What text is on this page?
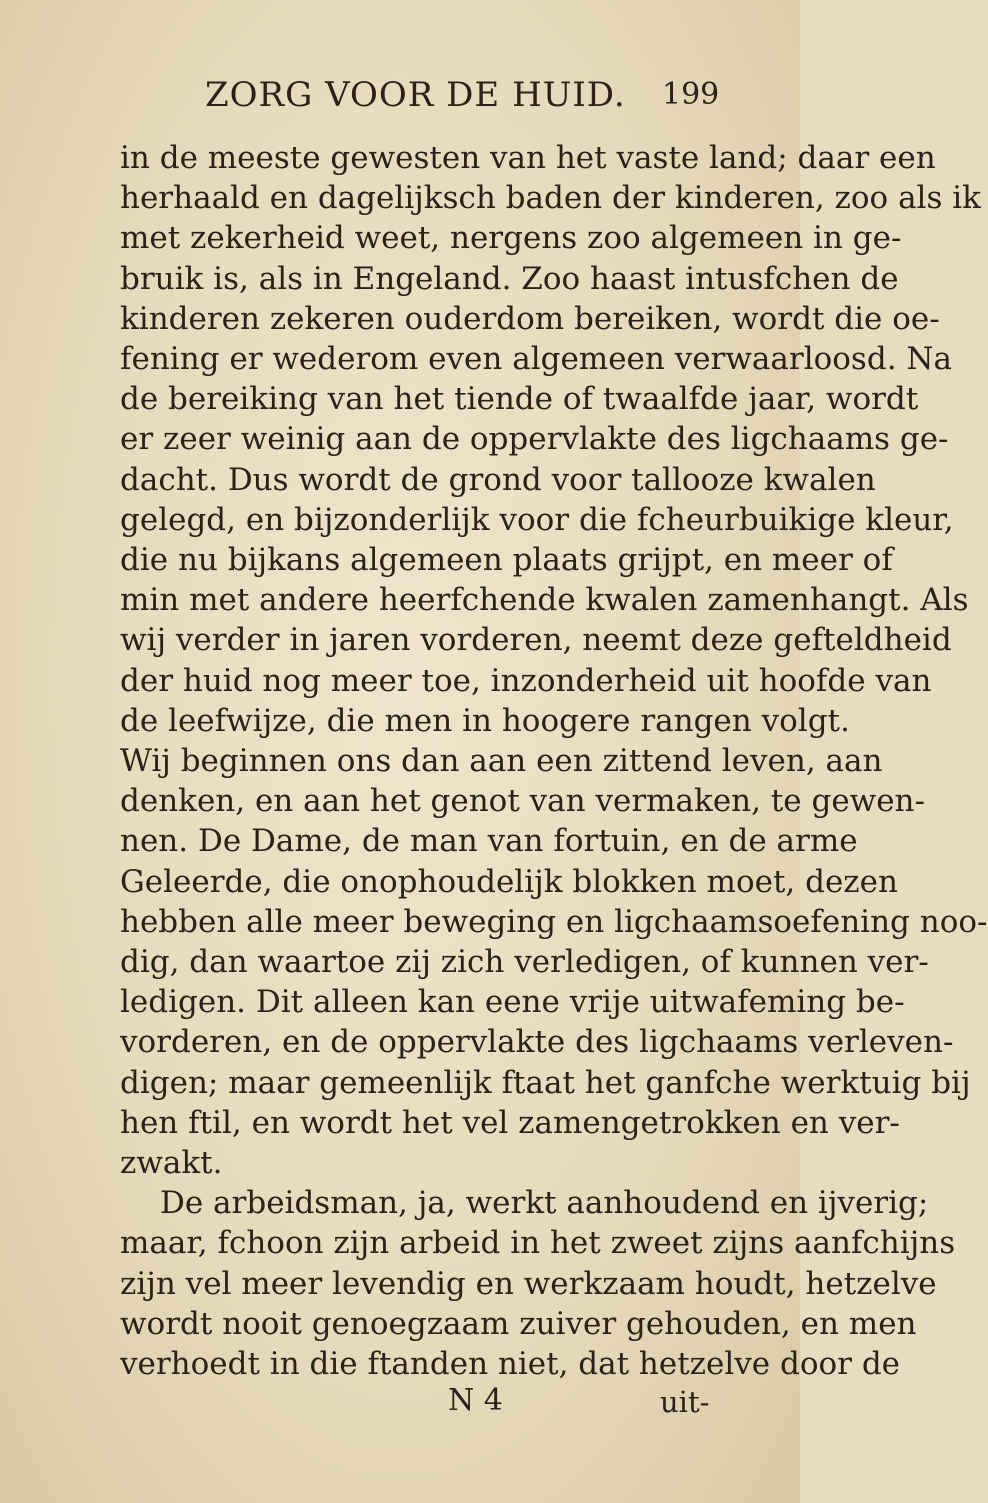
ZORG VOOR DE HUID. 199
in de meeste gewesten van het vaste land; daar een
herhaald en dagelijksch baden der kinderen, zoo als ik
met zekerheid weet, nergens zoo algemeen in ge-
bruik is, als in Engeland. Zoo haast intusfchen de
kinderen zekeren ouderdom bereiken, wordt die oe-
fening er wederom even algemeen verwaarloosd. Na
de bereiking van het tiende of twaalfde jaar, wordt
er zeer weinig aan de oppervlakte des ligchaams ge-
dacht. Dus wordt de grond voor tallooze kwalen
gelegd, en bijzonderlijk voor die fcheurbuikige kleur,
die nu bijkans algemeen plaats grijpt, en meer of
min met andere heerfchende kwalen zamenhangt. Als
wij verder in jaren vorderen, neemt deze gefteldheid
der huid nog meer toe, inzonderheid uit hoofde van
de leefwijze, die men in hoogere rangen volgt.
Wij beginnen ons dan aan een zittend leven, aan
denken, en aan het genot van vermaken, te gewen-
nen. De Dame, de man van fortuin, en de arme
Geleerde, die onophoudelijk blokken moet, dezen
hebben alle meer beweging en ligchaamsoefening noo-
dig, dan waartoe zij zich verledigen, of kunnen ver-
ledigen. Dit alleen kan eene vrije uitwafeming be-
vorderen, en de oppervlakte des ligchaams verleven-
digen; maar gemeenlijk ftaat het ganfche werktuig bij
hen ftil, en wordt het vel zamengetrokken en ver-
zwakt.
De arbeidsman, ja, werkt aanhoudend en ijverig;
maar, fchoon zijn arbeid in het zweet zijns aanfchijns
zijn vel meer levendig en werkzaam houdt, hetzelve
wordt nooit genoegzaam zuiver gehouden, en men
verhoedt in die ftanden niet, dat hetzelve door de
N 4	uit-
